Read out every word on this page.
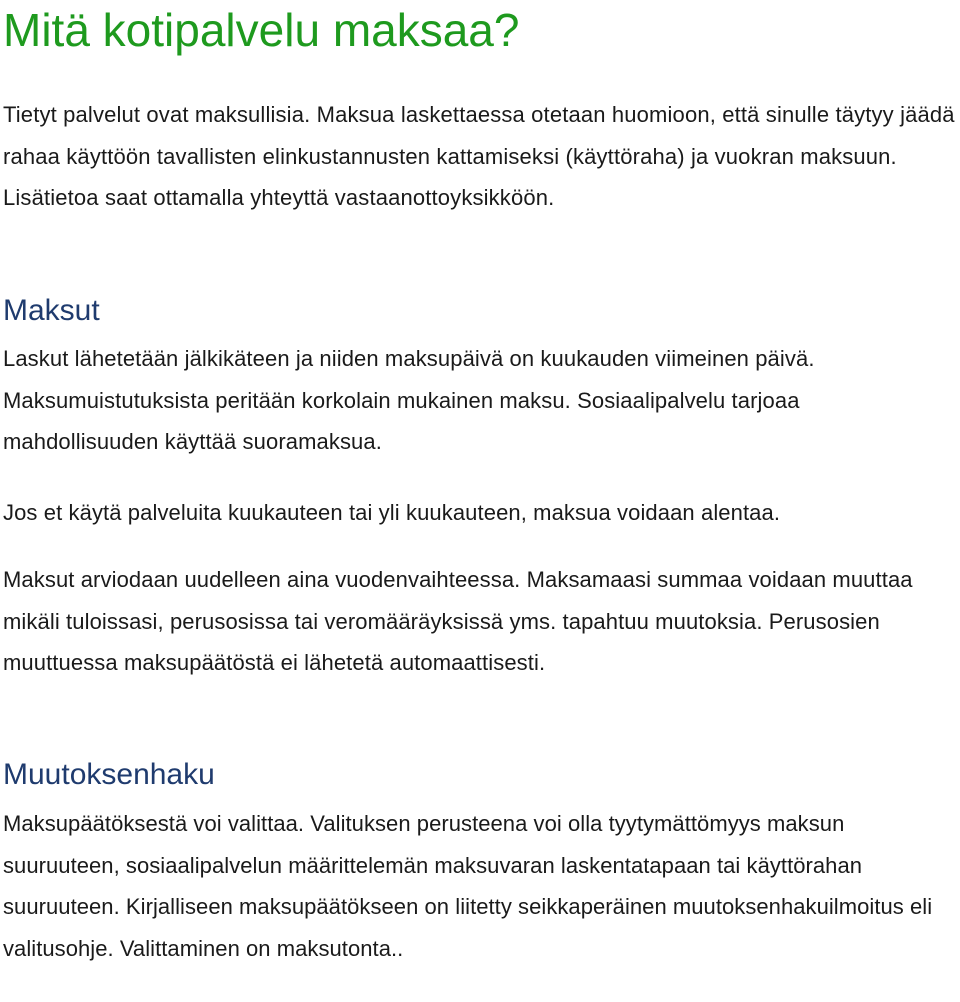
Mitä kotipalvelu maksaa?

Tietyt palvelut ovat maksullisia. Maksua laskettaessa otetaan huomioon, että sinulle täytyy jäädä rahaa käyttöön tavallisten elinkustannusten kattamiseksi (käyttöraha) ja vuokran maksuun. Lisätietoa saat ottamalla yhteyttä vastaanottoyksikköön.

Maksut

Laskut lähetetään jälkikäteen ja niiden maksupäivä on kuukauden viimeinen päivä. Maksumuistutuksista peritään korkolain mukainen maksu. Sosiaalipalvelu tarjoaa mahdollisuuden käyttää suoramaksua.

Jos et käytä palveluita kuukauteen tai yli kuukauteen, maksua voidaan alentaa.

Maksut arviodaan uudelleen aina vuodenvaihteessa. Maksamaasi summaa voidaan muuttaa mikäli tuloissasi, perusosissa tai veromääräyksissä yms. tapahtuu muutoksia. Perusosien muuttuessa maksupäätöstä ei lähetetä automaattisesti.

Muutoksenhaku

Maksupäätöksestä voi valittaa. Valituksen perusteena voi olla tyytymättömyys maksun suuruuteen, sosiaalipalvelun määrittelemän maksuvaran laskentatapaan tai käyttörahan suuruuteen. Kirjalliseen maksupäätökseen on liitetty seikkaperäinen muutoksenhakuilmoitus eli valitusohje. Valittaminen on maksutonta..
